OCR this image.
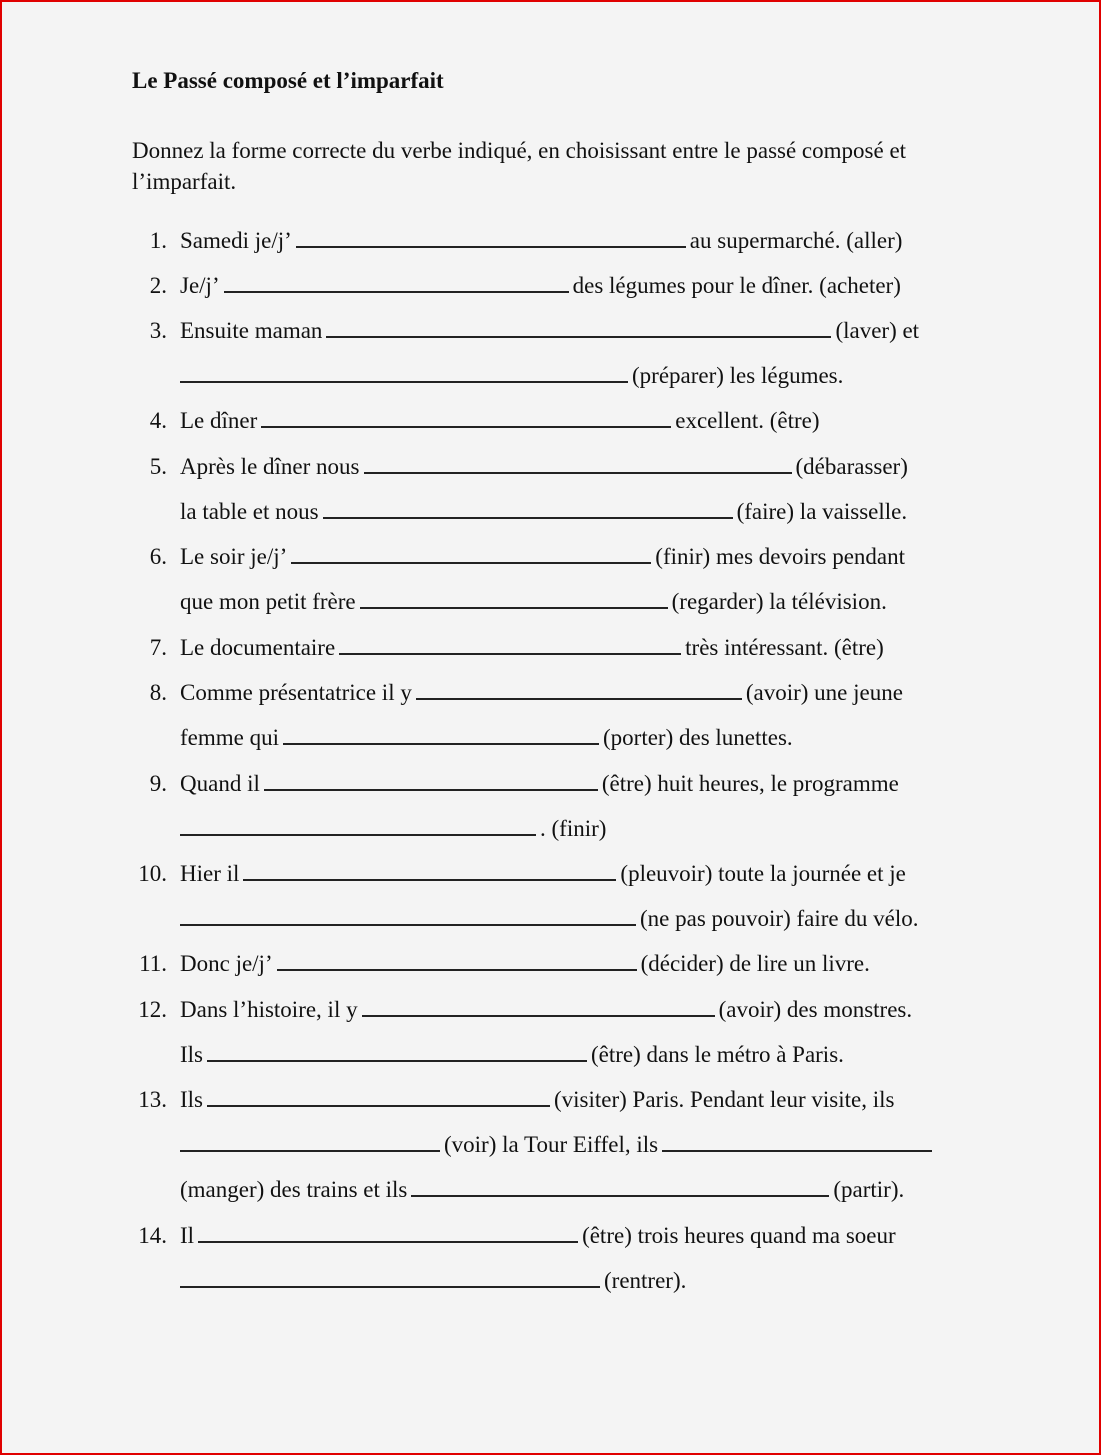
Le Passé composé et l’imparfait
Donnez la forme correcte du verbe indiqué, en choisissant entre le passé composé et l’imparfait.
1. Samedi je/j’	au supermarché. (aller)
2. Je/j’	des légumes pour le dîner. (acheter)
3. Ensuite maman	(laver) et
(préparer) les légumes.
4. Le dîner	excellent. (être)
5. Après le dîner nous	(débarasser)
la table et nous	(faire) la vaisselle.
6. Le soir je/j’	(finir) mes devoirs pendant
que mon petit frère	(regarder) la télévision.
7. Le documentaire	très intéressant. (être)
8. Comme présentatrice il y	(avoir) une jeune
femme qui	(porter) des lunettes.
9. Quand il	(être) huit heures, le programme
. (finir)
10. Hier il	(pleuvoir) toute la journée et je
(ne pas pouvoir) faire du vélo.
11. Donc je/j’	(décider) de lire un livre.
12. Dans l’histoire, il y	(avoir) des monstres.
Ils	(être) dans le métro à Paris.
13. Ils	(visiter) Paris. Pendant leur visite, ils
(voir) la Tour Eiffel, ils
(manger) des trains et ils	(partir).
14. Il	(être) trois heures quand ma soeur
(rentrer).
